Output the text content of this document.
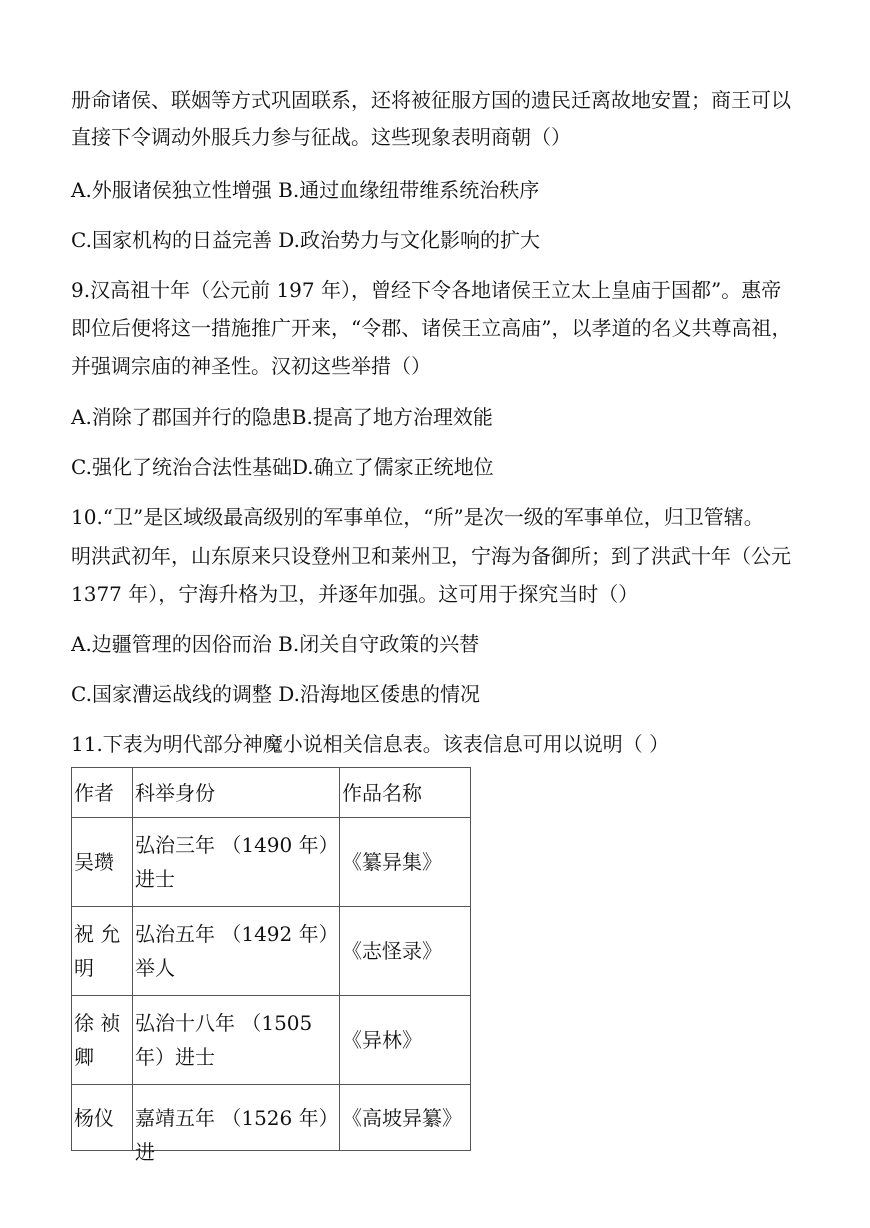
册命诸侯、联姻等方式巩固联系，还将被征服方国的遗民迁离故地安置；商王可以

直接下令调动外服兵力参与征战。这些现象表明商朝（）

A.外服诸侯独立性增强 B.通过血缘纽带维系统治秩序

C.国家机构的日益完善 D.政治势力与文化影响的扩大

9.汉高祖十年（公元前 197 年），曾经下令各地诸侯王立太上皇庙于国都”。惠帝

即位后便将这一措施推广开来，“令郡、诸侯王立高庙”，以孝道的名义共尊高祖，

并强调宗庙的神圣性。汉初这些举措（）

A.消除了郡国并行的隐患B.提高了地方治理效能

C.强化了统治合法性基础D.确立了儒家正统地位

10.“卫”是区域级最高级别的军事单位，“所”是次一级的军事单位，归卫管辖。

明洪武初年，山东原来只设登州卫和莱州卫，宁海为备御所；到了洪武十年（公元

1377 年），宁海升格为卫，并逐年加强。这可用于探究当时（）

A.边疆管理的因俗而治 B.闭关自守政策的兴替

C.国家漕运战线的调整 D.沿海地区倭患的情况

11.下表为明代部分神魔小说相关信息表。该表信息可用以说明（ ）

作者	科举身份	作品名称
吴瓒	弘治三年 （1490 年）进士	《纂异集》
祝 允明	弘治五年 （1492 年）举人	《志怪录》
徐 祯卿	弘治十八年 （1505 年）进士	《异林》
杨仪	嘉靖五年 （1526 年）进	《高坡异纂》
